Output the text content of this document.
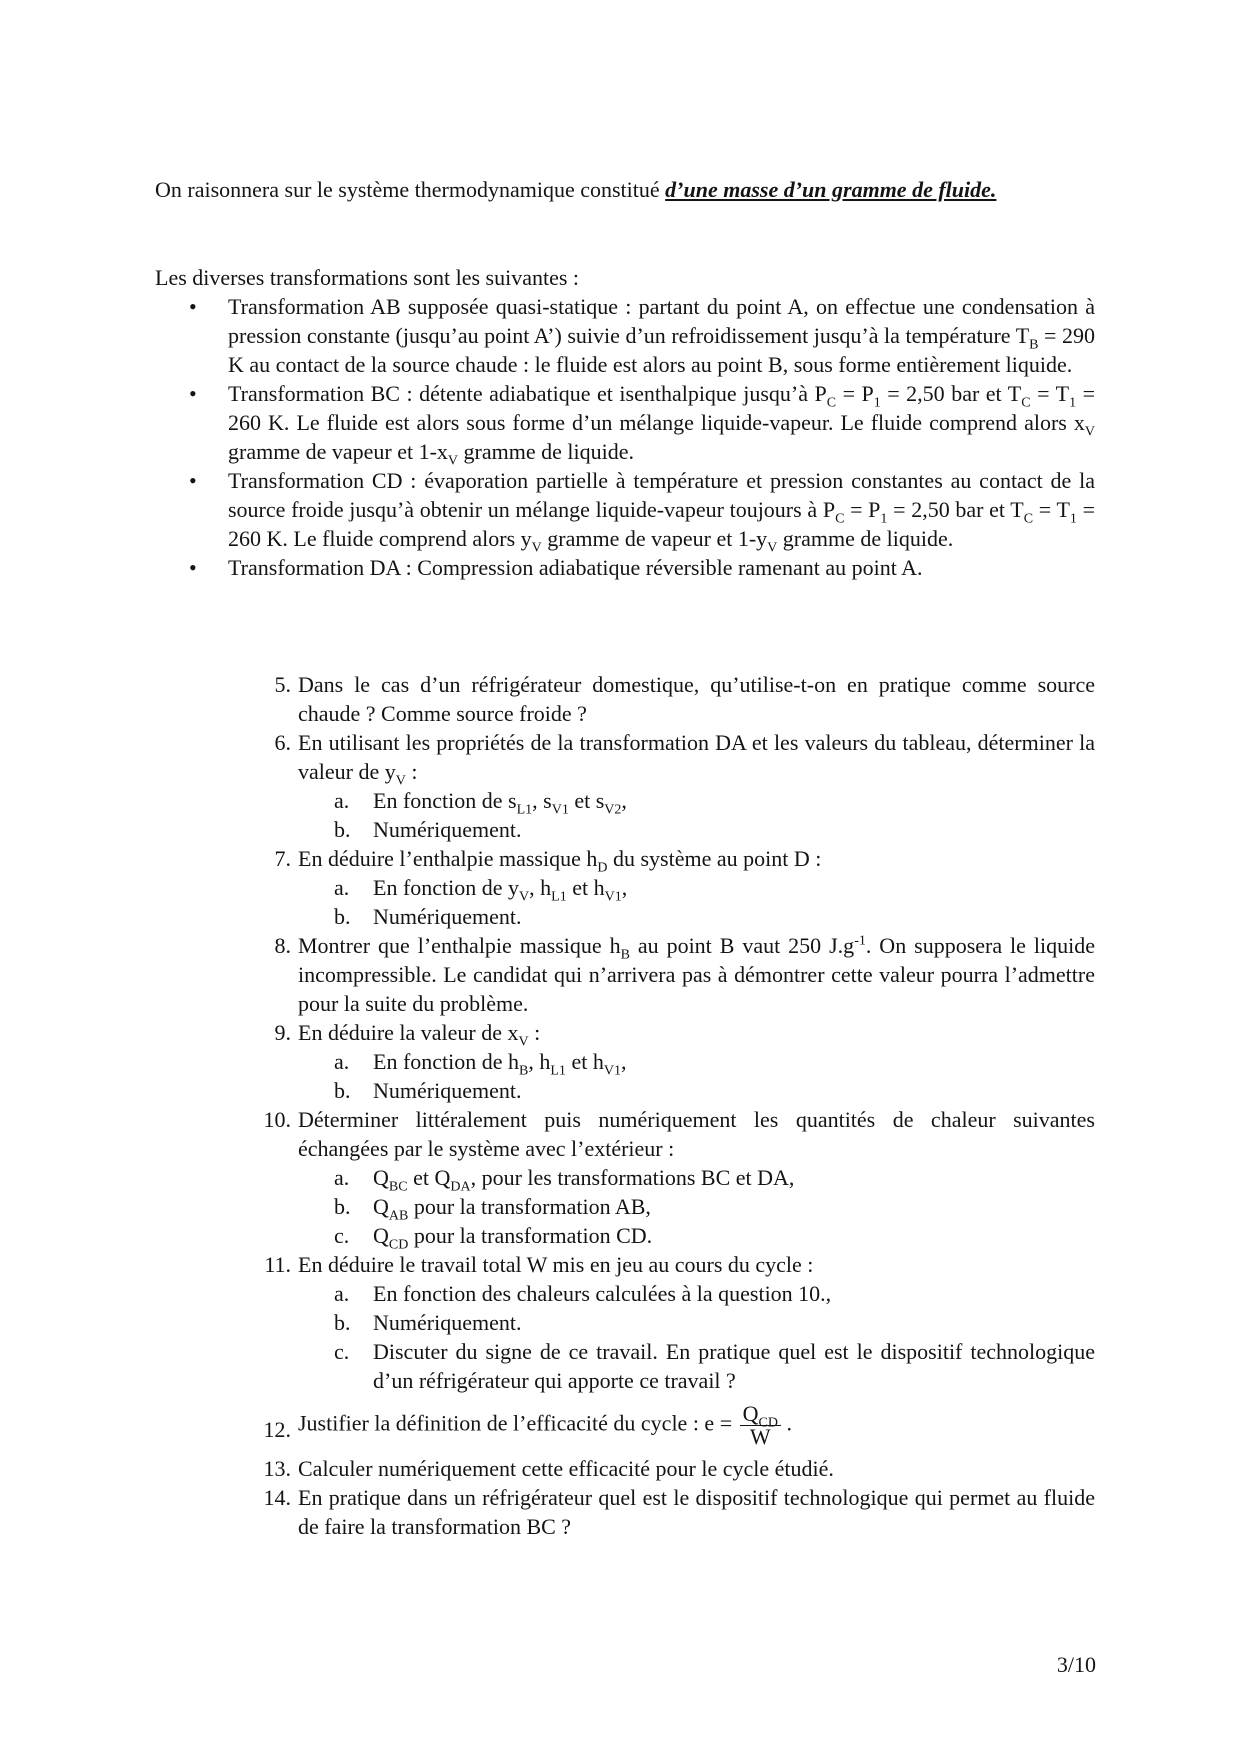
On raisonnera sur le système thermodynamique constitué d’une masse d’un gramme de fluide.

Les diverses transformations sont les suivantes :

• Transformation AB supposée quasi-statique : partant du point A, on effectue une condensation à pression constante (jusqu’au point A’) suivie d’un refroidissement jusqu’à la température $T_B = 290$ K au contact de la source chaude : le fluide est alors au point B, sous forme entièrement liquide.
• Transformation BC : détente adiabatique et isenthalpique jusqu’à $P_C = P_1 = 2,50$ bar et $T_C = T_1 = 260$ K. Le fluide est alors sous forme d’un mélange liquide-vapeur. Le fluide comprend alors $x_V$ gramme de vapeur et $1-x_V$ gramme de liquide.
• Transformation CD : évaporation partielle à température et pression constantes au contact de la source froide jusqu’à obtenir un mélange liquide-vapeur toujours à $P_C = P_1 = 2,50$ bar et $T_C = T_1 = 260$ K. Le fluide comprend alors $y_V$ gramme de vapeur et $1-y_V$ gramme de liquide.
• Transformation DA : Compression adiabatique réversible ramenant au point A.
5. Dans le cas d’un réfrigérateur domestique, qu’utilise-t-on en pratique comme source chaude ? Comme source froide ?
6. En utilisant les propriétés de la transformation DA et les valeurs du tableau, déterminer la valeur de $y_V$ :
a. En fonction de $s_{L1}$, $s_{V1}$ et $s_{V2}$,
b. Numériquement.
7. En déduire l’enthalpie massique $h_D$ du système au point D :
a. En fonction de $y_V$, $h_{L1}$ et $h_{V1}$,
b. Numériquement.
8. Montrer que l’enthalpie massique $h_B$ au point B vaut 250 $J.g^{-1}$. On supposera le liquide incompressible. Le candidat qui n’arrivera pas à démontrer cette valeur pourra l’admettre pour la suite du problème.
9. En déduire la valeur de $x_V$ :
a. En fonction de $h_B$, $h_{L1}$ et $h_{V1}$,
b. Numériquement.
10. Déterminer littéralement puis numériquement les quantités de chaleur suivantes échangées par le système avec l’extérieur :
a. $Q_{BC}$ et $Q_{DA}$, pour les transformations BC et DA,
b. $Q_{AB}$ pour la transformation AB,
c. $Q_{CD}$ pour la transformation CD.
11. En déduire le travail total W mis en jeu au cours du cycle :
a. En fonction des chaleurs calculées à la question 10.,
b. Numériquement.
c. Discuter du signe de ce travail. En pratique quel est le dispositif technologique d’un réfrigérateur qui apporte ce travail ?
12. Justifier la définition de l’efficacité du cycle : $e = \frac{Q_{CD}}{W}$ .
13. Calculer numériquement cette efficacité pour le cycle étudié.
14. En pratique dans un réfrigérateur quel est le dispositif technologique qui permet au fluide de faire la transformation BC ?
3/10
